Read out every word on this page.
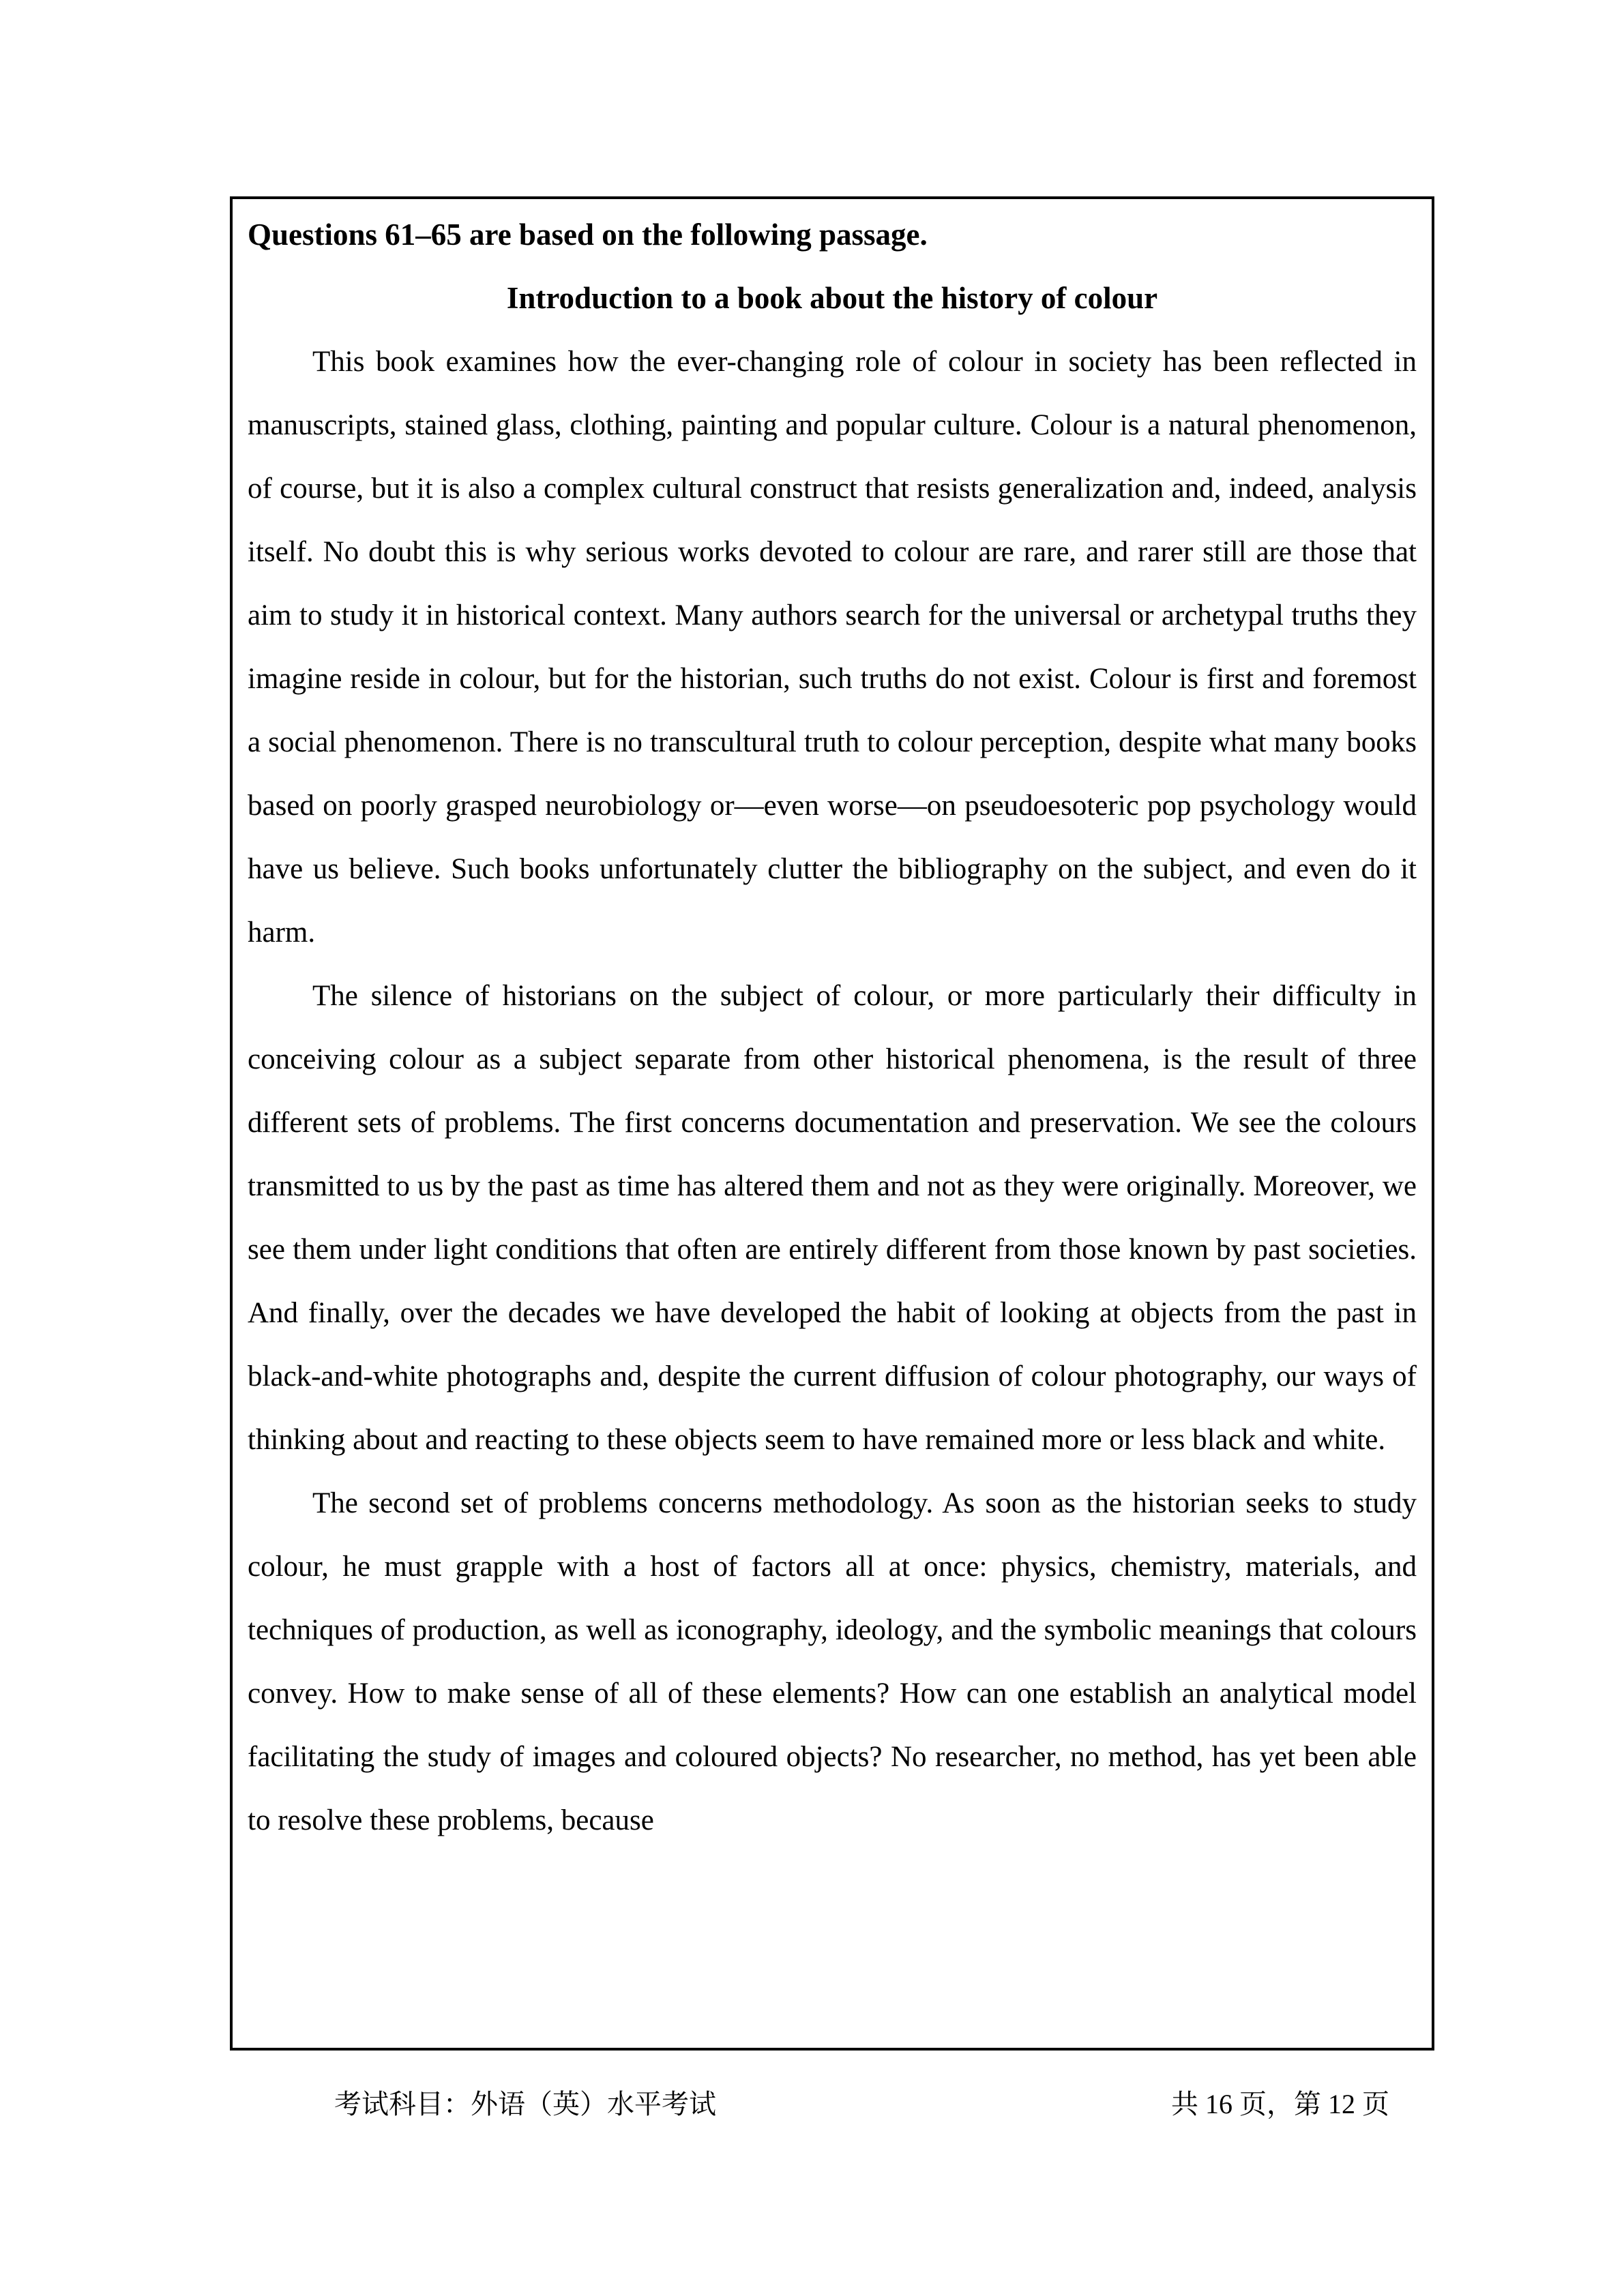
Questions 61–65 are based on the following passage.

Introduction to a book about the history of colour

This book examines how the ever-changing role of colour in society has been reflected in manuscripts, stained glass, clothing, painting and popular culture. Colour is a natural phenomenon, of course, but it is also a complex cultural construct that resists generalization and, indeed, analysis itself. No doubt this is why serious works devoted to colour are rare, and rarer still are those that aim to study it in historical context. Many authors search for the universal or archetypal truths they imagine reside in colour, but for the historian, such truths do not exist. Colour is first and foremost a social phenomenon. There is no transcultural truth to colour perception, despite what many books based on poorly grasped neurobiology or—even worse—on pseudoesoteric pop psychology would have us believe. Such books unfortunately clutter the bibliography on the subject, and even do it harm.

The silence of historians on the subject of colour, or more particularly their difficulty in conceiving colour as a subject separate from other historical phenomena, is the result of three different sets of problems. The first concerns documentation and preservation. We see the colours transmitted to us by the past as time has altered them and not as they were originally. Moreover, we see them under light conditions that often are entirely different from those known by past societies. And finally, over the decades we have developed the habit of looking at objects from the past in black-and-white photographs and, despite the current diffusion of colour photography, our ways of thinking about and reacting to these objects seem to have remained more or less black and white.

The second set of problems concerns methodology. As soon as the historian seeks to study colour, he must grapple with a host of factors all at once: physics, chemistry, materials, and techniques of production, as well as iconography, ideology, and the symbolic meanings that colours convey. How to make sense of all of these elements? How can one establish an analytical model facilitating the study of images and coloured objects? No researcher, no method, has yet been able to resolve these problems, because

考试科目：外语（英）水平考试	共 16 页，第 12 页
